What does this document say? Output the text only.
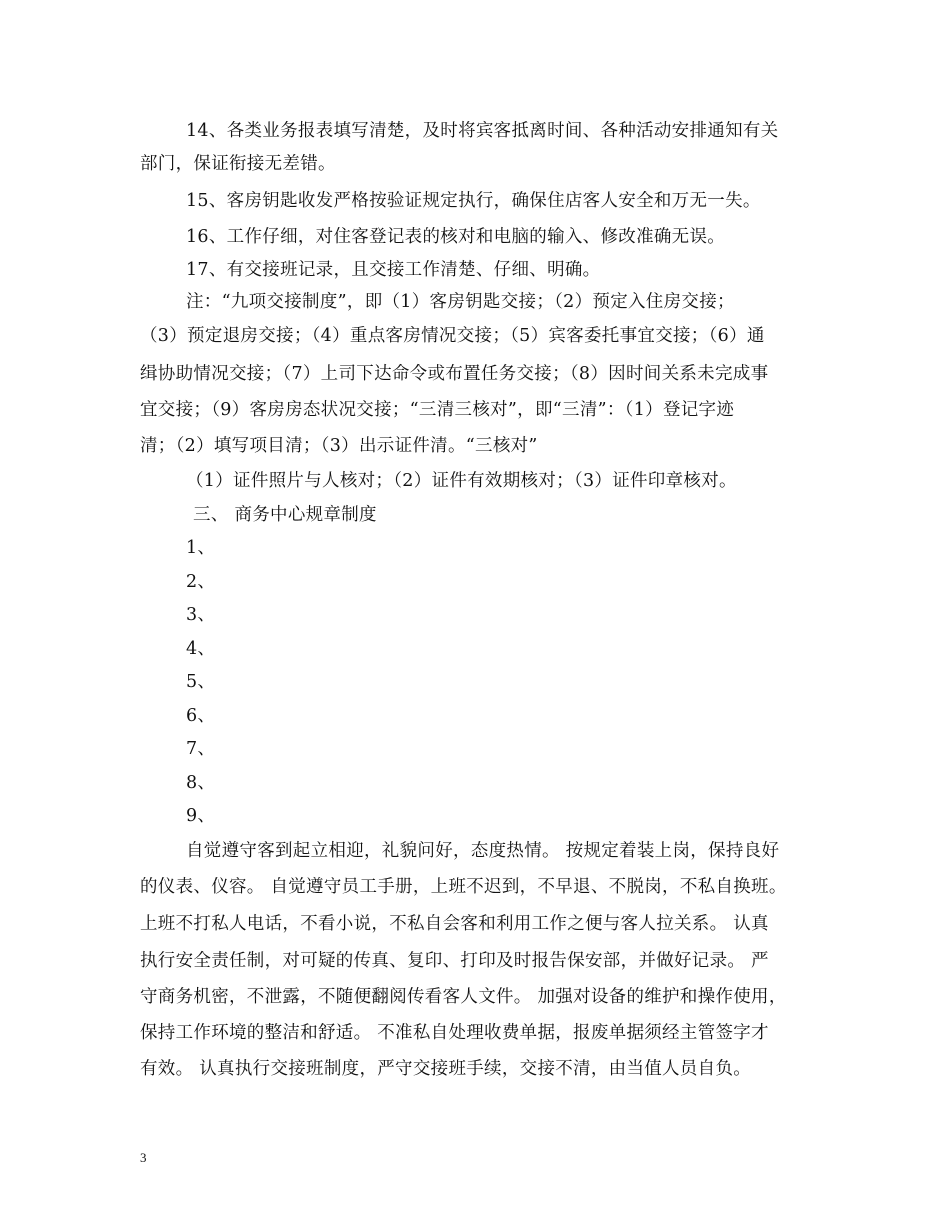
14、各类业务报表填写清楚，及时将宾客抵离时间、各种活动安排通知有关
部门，保证衔接无差错。
15、客房钥匙收发严格按验证规定执行，确保住店客人安全和万无一失。
16、工作仔细，对住客登记表的核对和电脑的输入、修改准确无误。
17、有交接班记录，且交接工作清楚、仔细、明确。
注：“九项交接制度”，即（1）客房钥匙交接；（2）预定入住房交接；
（3）预定退房交接；（4）重点客房情况交接；（5）宾客委托事宜交接；（6）通
缉协助情况交接；（7）上司下达命令或布置任务交接；（8）因时间关系未完成事
宜交接；（9）客房房态状况交接；“三清三核对”，即“三清”：（1）登记字迹
清；（2）填写项目清；（3）出示证件清。“三核对”
（1）证件照片与人核对；（2）证件有效期核对；（3）证件印章核对。
三、 商务中心规章制度
1、
2、
3、
4、
5、
6、
7、
8、
9、
自觉遵守客到起立相迎，礼貌问好，态度热情。 按规定着装上岗，保持良好
的仪表、仪容。 自觉遵守员工手册，上班不迟到，不早退、不脱岗，不私自换班。
上班不打私人电话，不看小说，不私自会客和利用工作之便与客人拉关系。 认真
执行安全责任制，对可疑的传真、复印、打印及时报告保安部，并做好记录。 严
守商务机密，不泄露，不随便翻阅传看客人文件。 加强对设备的维护和操作使用，
保持工作环境的整洁和舒适。 不准私自处理收费单据，报废单据须经主管签字才
有效。 认真执行交接班制度，严守交接班手续，交接不清，由当值人员自负。
3
